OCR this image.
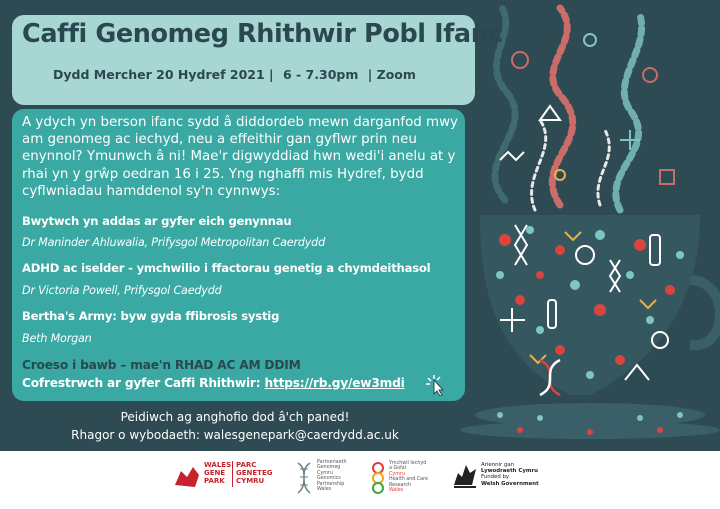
Caffi Genomeg Rhithwir Pobl Ifanc
Dydd Mercher 20 Hydref 2021 | 6 - 7.30pm | Zoom
A ydych yn berson ifanc sydd â diddordeb mewn darganfod mwy am genomeg ac iechyd, neu a effeithir gan gyflwr prin neu enynnol? Ymunwch â ni! Mae'r digwyddiad hwn wedi'i anelu at y rhai yn y grŵp oedran 16 i 25. Yng nghaffi mis Hydref, bydd cyflwniadau hamdden‌ol sy'n cynnwys:
Bwytwch yn addas ar gyfer eich genynnau
Dr Maninder Ahluwalia, Prifysgol Metropolitan Caerdydd
ADHD ac iselder - ymchwilio i ffactorau genetig a chymdeithasol
Dr Victoria Powell, Prifysgol Caedydd
Bertha's Army: byw gyda ffibrosis systig
Beth Morgan
Croeso i bawb – mae'n RHAD AC AM DDIM
Cofrestrwch ar gyfer Caffi Rhithwir: https://rb.gy/ew3mdi
Peidiwch ag anghofio dod â'ch paned!
Rhagor o wybodaeth: walesgenepark@caerdydd.ac.uk
WALES
GENE
PARK
PARC
GENETEG
CYMRU
Partneriaeth
Genomeg
Cymru
Genomics
Partnership
Wales
Ymchwil Iechyd
a Gofal
Cymru
Health and Care
Research
Wales
Ariennir gan
Lywodraeth Cymru
Funded by
Welsh Government
